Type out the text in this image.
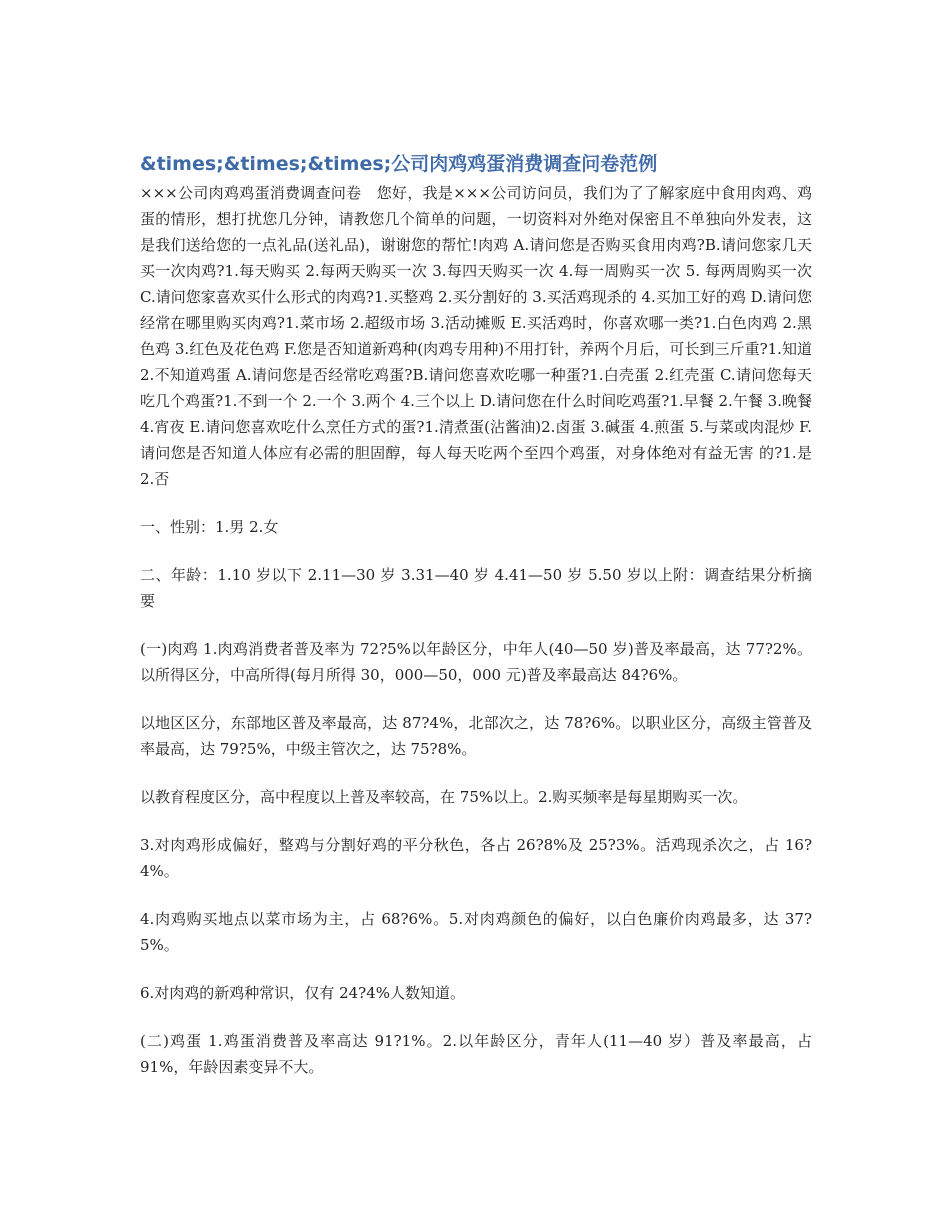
&times;&times;&times;公司肉鸡鸡蛋消费调查问卷范例

×××公司肉鸡鸡蛋消费调查问卷　您好，我是×××公司访问员，我们为了了解家庭中食用肉鸡、鸡蛋的情形，想打扰您几分钟，请教您几个简单的问题，一切资料对外绝对保密且不单独向外发表，这是我们送给您的一点礼品(送礼品)，谢谢您的帮忙!肉鸡 A.请问您是否购买食用肉鸡?B.请问您家几天买一次肉鸡?1.每天购买 2.每两天购买一次 3.每四天购买一次 4.每一周购买一次 5. 每两周购买一次 C.请问您家喜欢买什么形式的肉鸡?1.买整鸡 2.买分割好的 3.买活鸡现杀的 4.买加工好的鸡 D.请问您经常在哪里购买肉鸡?1.菜市场 2.超级市场 3.活动摊贩 E.买活鸡时，你喜欢哪一类?1.白色肉鸡 2.黑色鸡 3.红色及花色鸡 F.您是否知道新鸡种(肉鸡专用种)不用打针，养两个月后，可长到三斤重?1.知道 2.不知道鸡蛋 A.请问您是否经常吃鸡蛋?B.请问您喜欢吃哪一种蛋?1.白壳蛋 2.红壳蛋 C.请问您每天吃几个鸡蛋?1.不到一个 2.一个 3.两个 4.三个以上 D.请问您在什么时间吃鸡蛋?1.早餐 2.午餐 3.晚餐 4.宵夜 E.请问您喜欢吃什么烹任方式的蛋?1.清煮蛋(沾酱油)2.卤蛋 3.碱蛋 4.煎蛋 5.与菜或肉混炒 F.请问您是否知道人体应有必需的胆固醇，每人每天吃两个至四个鸡蛋，对身体绝对有益无害 的?1.是 2.否

一、性别：1.男 2.女

二、年龄：1.10 岁以下 2.11—30 岁 3.31—40 岁 4.41—50 岁 5.50 岁以上附：调查结果分析摘要

(一)肉鸡 1.肉鸡消费者普及率为 72?5%以年龄区分，中年人(40—50 岁)普及率最高，达 77?2%。以所得区分，中高所得(每月所得 30，000—50，000 元)普及率最高达 84?6%。

以地区区分，东部地区普及率最高，达 87?4%，北部次之，达 78?6%。以职业区分，高级主管普及率最高，达 79?5%，中级主管次之，达 75?8%。

以教育程度区分，高中程度以上普及率较高，在 75%以上。2.购买频率是每星期购买一次。

3.对肉鸡形成偏好，整鸡与分割好鸡的平分秋色，各占 26?8%及 25?3%。活鸡现杀次之，占 16?4%。

4.肉鸡购买地点以菜市场为主，占 68?6%。5.对肉鸡颜色的偏好，以白色廉价肉鸡最多，达 37?5%。

6.对肉鸡的新鸡种常识，仅有 24?4%人数知道。

(二)鸡蛋 1.鸡蛋消费普及率高达 91?1%。2.以年龄区分，青年人(11—40 岁）普及率最高，占 91%，年龄因素变异不大。
